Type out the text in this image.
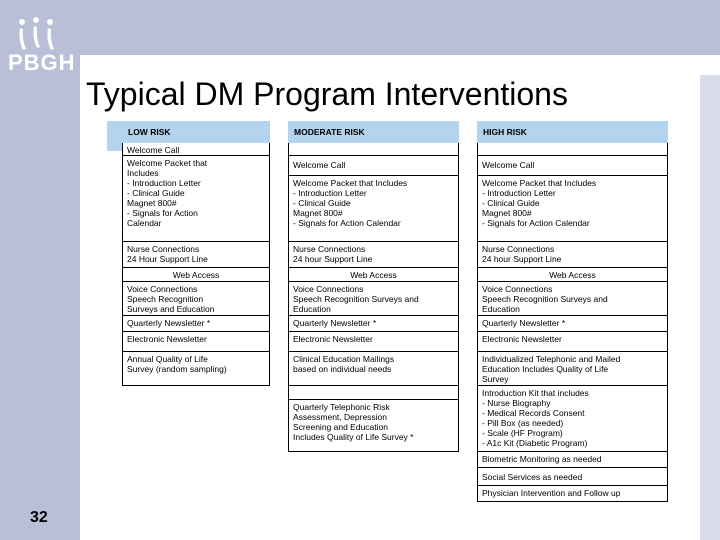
PBGH
Typical DM Program Interventions
LOW RISK
Welcome Call
Welcome Packet that
Includes
- Introduction Letter
- Clinical Guide
Magnet 800#
- Signals for Action
Calendar
Nurse Connections
24 Hour Support Line
Web Access
Voice Connections
Speech Recognition
Surveys and Education
Quarterly Newsletter *
Electronic Newsletter
Annual Quality of Life
Survey (random sampling)
MODERATE RISK
Welcome Call
Welcome Packet that Includes
- Introduction Letter
- Clinical Guide
Magnet 800#
- Signals for Action Calendar
Nurse Connections
24 hour Support Line
Web Access
Voice Connections
Speech Recognition Surveys and
Education
Quarterly Newsletter *
Electronic Newsletter
Clinical Education Mailings
based on individual needs
Quarterly Telephonic Risk
Assessment, Depression
Screening and Education
Includes Quality of Life Survey *
HIGH RISK
Welcome Call
Welcome Packet that Includes
- Introduction Letter
- Clinical Guide
Magnet 800#
- Signals for Action Calendar
Nurse Connections
24 hour Support Line
Web Access
Voice Connections
Speech Recognition Surveys and
Education
Quarterly Newsletter *
Electronic Newsletter
Individualized Telephonic and Mailed
Education Includes Quality of Life
Survey
Introduction Kit that includes
- Nurse Biography
- Medical Records Consent
- Pill Box (as needed)
- Scale (HF Program)
- A1c Kit (Diabetic Program)
Biometric Monitoring as needed
Social Services as needed
Physician Intervention and Follow up
32
